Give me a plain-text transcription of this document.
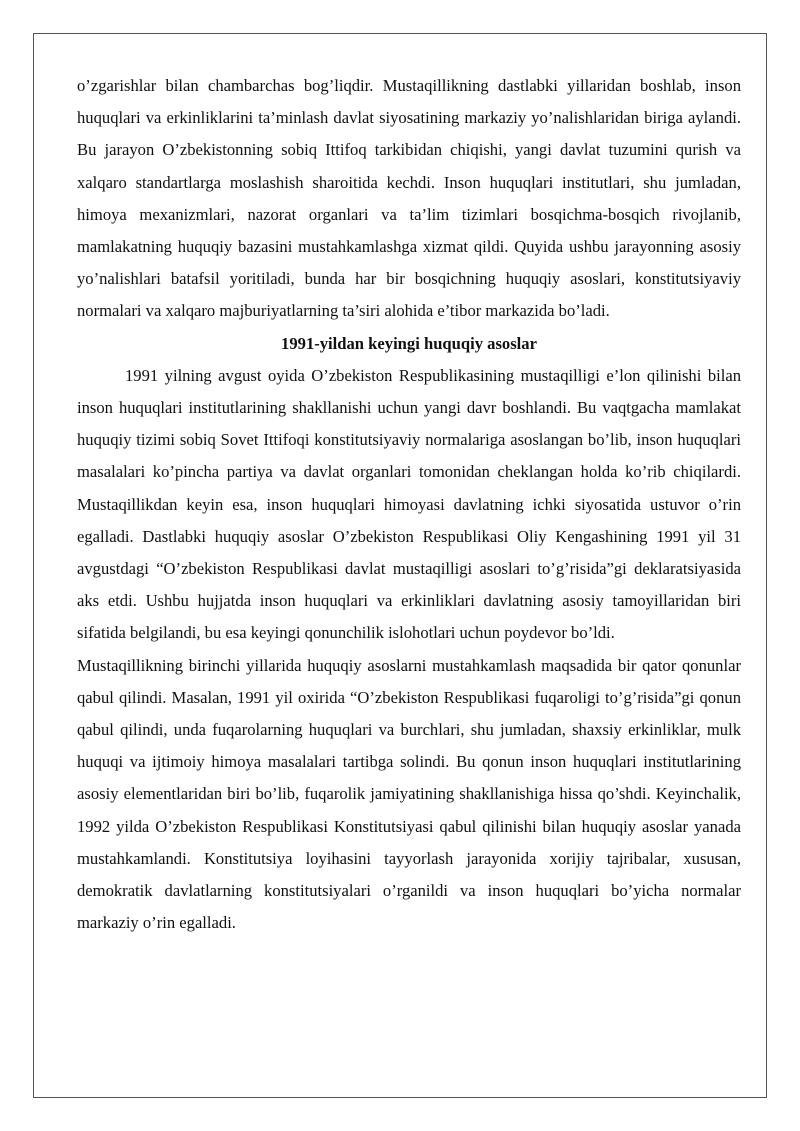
o’zgarishlar bilan chambarchas bog’liqdir. Mustaqillikning dastlabki yillaridan boshlab, inson huquqlari va erkinliklarini ta’minlash davlat siyosatining markaziy yo’nalishlaridan biriga aylandi. Bu jarayon O’zbekistonning sobiq Ittifoq tarkibidan chiqishi, yangi davlat tuzumini qurish va xalqaro standartlarga moslashish sharoitida kechdi. Inson huquqlari institutlari, shu jumladan, himoya mexanizmlari, nazorat organlari va ta’lim tizimlari bosqichma-bosqich rivojlanib, mamlakatning huquqiy bazasini mustahkamlashga xizmat qildi. Quyida ushbu jarayonning asosiy yo’nalishlari batafsil yoritiladi, bunda har bir bosqichning huquqiy asoslari, konstitutsiyaviy normalari va xalqaro majburiyatlarning ta’siri alohida e’tibor markazida bo’ladi.

1991-yildan keyingi huquqiy asoslar

1991 yilning avgust oyida O’zbekiston Respublikasining mustaqilligi e’lon qilinishi bilan inson huquqlari institutlarining shakllanishi uchun yangi davr boshlandi. Bu vaqtgacha mamlakat huquqiy tizimi sobiq Sovet Ittifoqi konstitutsiyaviy normalariga asoslangan bo’lib, inson huquqlari masalalari ko’pincha partiya va davlat organlari tomonidan cheklangan holda ko’rib chiqilardi. Mustaqillikdan keyin esa, inson huquqlari himoyasi davlatning ichki siyosatida ustuvor o’rin egalladi. Dastlabki huquqiy asoslar O’zbekiston Respublikasi Oliy Kengashining 1991 yil 31 avgustdagi “O’zbekiston Respublikasi davlat mustaqilligi asoslari to’g’risida”gi deklaratsiyasida aks etdi. Ushbu hujjatda inson huquqlari va erkinliklari davlatning asosiy tamoyillaridan biri sifatida belgilandi, bu esa keyingi qonunchilik islohotlari uchun poydevor bo’ldi.

Mustaqillikning birinchi yillarida huquqiy asoslarni mustahkamlash maqsadida bir qator qonunlar qabul qilindi. Masalan, 1991 yil oxirida “O’zbekiston Respublikasi fuqaroligi to’g’risida”gi qonun qabul qilindi, unda fuqarolarning huquqlari va burchlari, shu jumladan, shaxsiy erkinliklar, mulk huquqi va ijtimoiy himoya masalalari tartibga solindi. Bu qonun inson huquqlari institutlarining asosiy elementlaridan biri bo’lib, fuqarolik jamiyatining shakllanishiga hissa qo’shdi. Keyinchalik, 1992 yilda O’zbekiston Respublikasi Konstitutsiyasi qabul qilinishi bilan huquqiy asoslar yanada mustahkamlandi. Konstitutsiya loyihasini tayyorlash jarayonida xorijiy tajribalar, xususan, demokratik davlatlarning konstitutsiyalari o’rganildi va inson huquqlari bo’yicha normalar markaziy o’rin egalladi.
